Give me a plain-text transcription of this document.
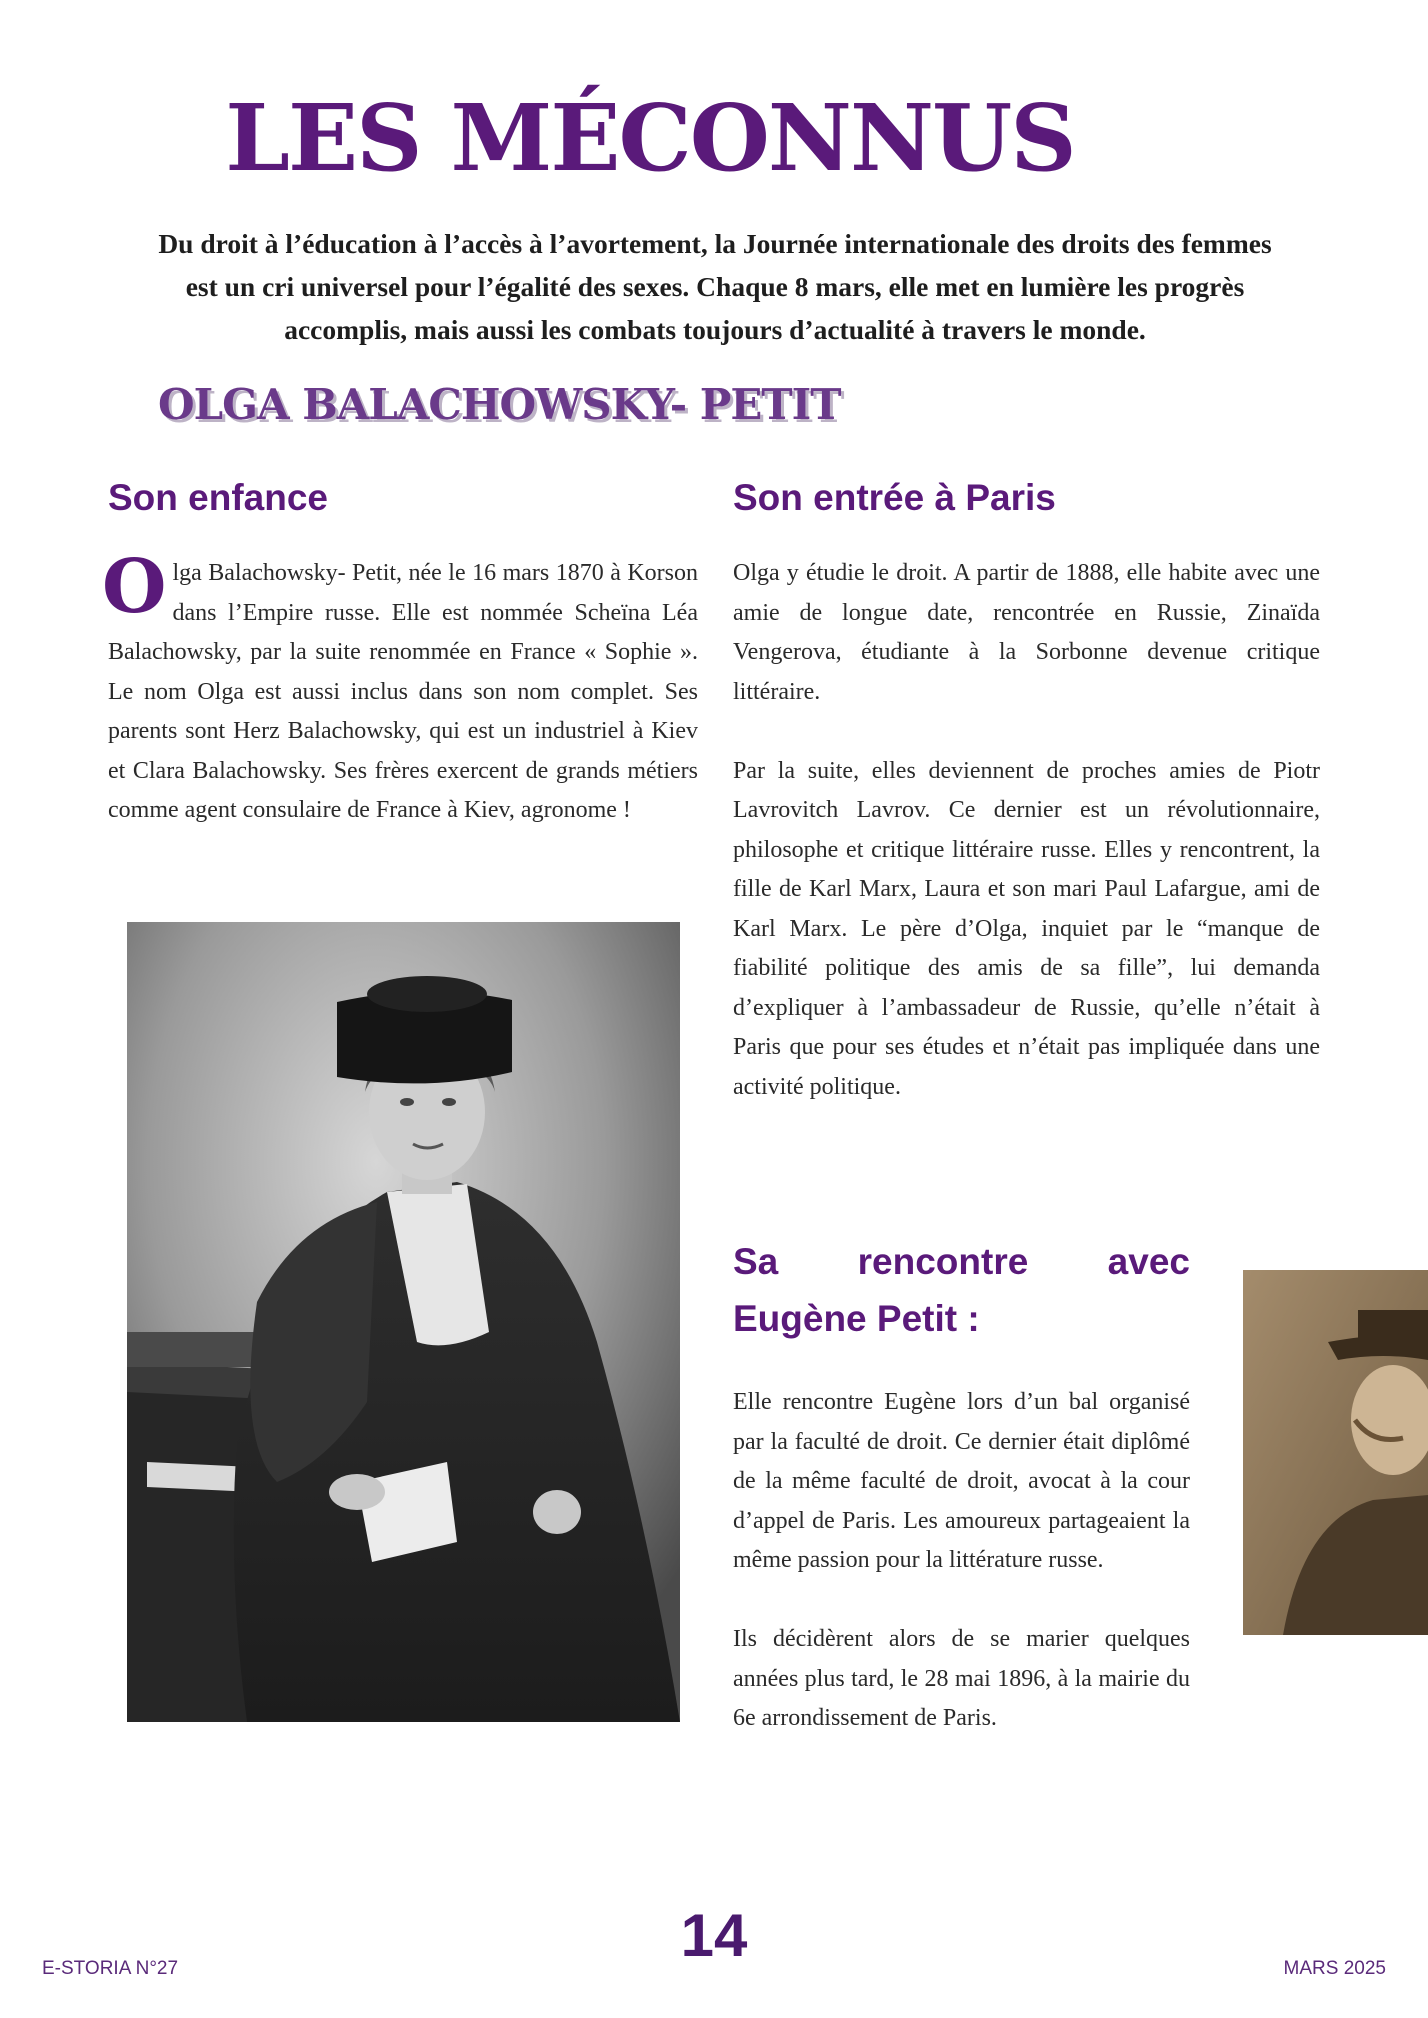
LES MÉCONNUS

Du droit à l’éducation à l’accès à l’avortement, la Journée internationale des droits des femmes est un cri universel pour l’égalité des sexes. Chaque 8 mars, elle met en lumière les progrès accomplis, mais aussi les combats toujours d’actualité à travers le monde.

OLGA BALACHOWSKY- PETIT
Son enfance

Olga Balachowsky- Petit, née le 16 mars 1870 à Korson dans l’Empire russe. Elle est nommée Scheïna Léa Balachowsky, par la suite renommée en France « Sophie ». Le nom Olga est aussi inclus dans son nom complet. Ses parents sont Herz Balachowsky, qui est un industriel à Kiev et Clara Balachowsky. Ses frères exercent de grands métiers comme agent consulaire de France à Kiev, agronome !

Son entrée à Paris

Olga y étudie le droit. A partir de 1888, elle habite avec une amie de longue date, rencontrée en Russie, Zinaïda Vengerova, étudiante à la Sorbonne devenue critique littéraire.

Par la suite, elles deviennent de proches amies de Piotr Lavrovitch Lavrov. Ce dernier est un révolutionnaire, philosophe et critique littéraire russe. Elles y rencontrent, la fille de Karl Marx, Laura et son mari Paul Lafargue, ami de Karl Marx. Le père d’Olga, inquiet par le “manque de fiabilité politique des amis de sa fille”, lui demanda d’expliquer à l’ambassadeur de Russie, qu’elle n’était à Paris que pour ses études et n’était pas impliquée dans une activité politique.

Sa rencontre avec
Eugène Petit :

Elle rencontre Eugène lors d’un bal organisé par la faculté de droit. Ce dernier était diplômé de la même faculté de droit, avocat à la cour d’appel de Paris. Les amoureux partageaient la même passion pour la littérature russe.

Ils décidèrent alors de se marier quelques années plus tard, le 28 mai 1896, à la mairie du 6e arrondissement de Paris.

E-STORIA N°27	14	MARS 2025
